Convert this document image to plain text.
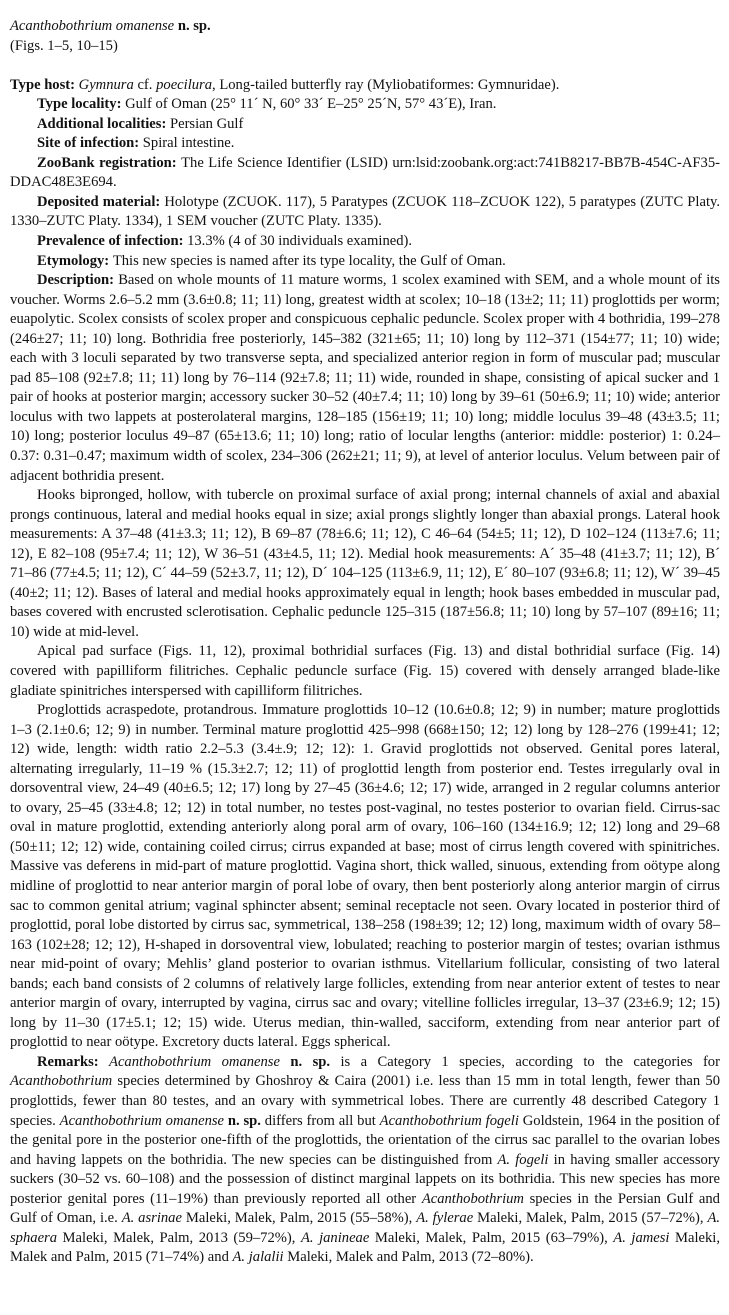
Acanthobothrium omanense n. sp.

(Figs. 1–5, 10–15)

Type host: Gymnura cf. poecilura, Long-tailed butterfly ray (Myliobatiformes: Gymnuridae).

Type locality: Gulf of Oman (25° 11´ N, 60° 33´ E–25° 25´N, 57° 43´E), Iran.

Additional localities: Persian Gulf

Site of infection: Spiral intestine.

ZooBank registration: The Life Science Identifier (LSID) urn:lsid:zoobank.org:act:741B8217-BB7B-454C-AF35-DDAC48E3E694.

Deposited material: Holotype (ZCUOK. 117), 5 Paratypes (ZCUOK 118–ZCUOK 122), 5 paratypes (ZUTC Platy. 1330–ZUTC Platy. 1334), 1 SEM voucher (ZUTC Platy. 1335).

Prevalence of infection: 13.3% (4 of 30 individuals examined).

Etymology: This new species is named after its type locality, the Gulf of Oman.

Description: Based on whole mounts of 11 mature worms, 1 scolex examined with SEM, and a whole mount of its voucher. Worms 2.6–5.2 mm (3.6±0.8; 11; 11) long, greatest width at scolex; 10–18 (13±2; 11; 11) proglottids per worm; euapolytic. Scolex consists of scolex proper and conspicuous cephalic peduncle. Scolex proper with 4 bothridia, 199–278 (246±27; 11; 10) long. Bothridia free posteriorly, 145–382 (321±65; 11; 10) long by 112–371 (154±77; 11; 10) wide; each with 3 loculi separated by two transverse septa, and specialized anterior region in form of muscular pad; muscular pad 85–108 (92±7.8; 11; 11) long by 76–114 (92±7.8; 11; 11) wide, rounded in shape, consisting of apical sucker and 1 pair of hooks at posterior margin; accessory sucker 30–52 (40±7.4; 11; 10) long by 39–61 (50±6.9; 11; 10) wide; anterior loculus with two lappets at posterolateral margins, 128–185 (156±19; 11; 10) long; middle loculus 39–48 (43±3.5; 11; 10) long; posterior loculus 49–87 (65±13.6; 11; 10) long; ratio of locular lengths (anterior: middle: posterior) 1: 0.24–0.37: 0.31–0.47; maximum width of scolex, 234–306 (262±21; 11; 9), at level of anterior loculus. Velum between pair of adjacent bothridia present.

Hooks bipronged, hollow, with tubercle on proximal surface of axial prong; internal channels of axial and abaxial prongs continuous, lateral and medial hooks equal in size; axial prongs slightly longer than abaxial prongs. Lateral hook measurements: A 37–48 (41±3.3; 11; 12), B 69–87 (78±6.6; 11; 12), C 46–64 (54±5; 11; 12), D 102–124 (113±7.6; 11; 12), E 82–108 (95±7.4; 11; 12), W 36–51 (43±4.5, 11; 12). Medial hook measurements: A´ 35–48 (41±3.7; 11; 12), B´ 71–86 (77±4.5; 11; 12), C´ 44–59 (52±3.7, 11; 12), D´ 104–125 (113±6.9, 11; 12), E´ 80–107 (93±6.8; 11; 12), W´ 39–45 (40±2; 11; 12). Bases of lateral and medial hooks approximately equal in length; hook bases embedded in muscular pad, bases covered with encrusted sclerotisation. Cephalic peduncle 125–315 (187±56.8; 11; 10) long by 57–107 (89±16; 11; 10) wide at mid-level.

Apical pad surface (Figs. 11, 12), proximal bothridial surfaces (Fig. 13) and distal bothridial surface (Fig. 14) covered with papilliform filitriches. Cephalic peduncle surface (Fig. 15) covered with densely arranged blade-like gladiate spinitriches interspersed with capilliform filitriches.

Proglottids acraspedote, protandrous. Immature proglottids 10–12 (10.6±0.8; 12; 9) in number; mature proglottids 1–3 (2.1±0.6; 12; 9) in number. Terminal mature proglottid 425–998 (668±150; 12; 12) long by 128–276 (199±41; 12; 12) wide, length: width ratio 2.2–5.3 (3.4±.9; 12; 12): 1. Gravid proglottids not observed. Genital pores lateral, alternating irregularly, 11–19 % (15.3±2.7; 12; 11) of proglottid length from posterior end. Testes irregularly oval in dorsoventral view, 24–49 (40±6.5; 12; 17) long by 27–45 (36±4.6; 12; 17) wide, arranged in 2 regular columns anterior to ovary, 25–45 (33±4.8; 12; 12) in total number, no testes post-vaginal, no testes posterior to ovarian field. Cirrus-sac oval in mature proglottid, extending anteriorly along poral arm of ovary, 106–160 (134±16.9; 12; 12) long and 29–68 (50±11; 12; 12) wide, containing coiled cirrus; cirrus expanded at base; most of cirrus length covered with spinitriches. Massive vas deferens in mid-part of mature proglottid. Vagina short, thick walled, sinuous, extending from oötype along midline of proglottid to near anterior margin of poral lobe of ovary, then bent posteriorly along anterior margin of cirrus sac to common genital atrium; vaginal sphincter absent; seminal receptacle not seen. Ovary located in posterior third of proglottid, poral lobe distorted by cirrus sac, symmetrical, 138–258 (198±39; 12; 12) long, maximum width of ovary 58–163 (102±28; 12; 12), H-shaped in dorsoventral view, lobulated; reaching to posterior margin of testes; ovarian isthmus near mid-point of ovary; Mehlis’ gland posterior to ovarian isthmus. Vitellarium follicular, consisting of two lateral bands; each band consists of 2 columns of relatively large follicles, extending from near anterior extent of testes to near anterior margin of ovary, interrupted by vagina, cirrus sac and ovary; vitelline follicles irregular, 13–37 (23±6.9; 12; 15) long by 11–30 (17±5.1; 12; 15) wide. Uterus median, thin-walled, sacciform, extending from near anterior part of proglottid to near oötype. Excretory ducts lateral. Eggs spherical.

Remarks: Acanthobothrium omanense n. sp. is a Category 1 species, according to the categories for Acanthobothrium species determined by Ghoshroy & Caira (2001) i.e. less than 15 mm in total length, fewer than 50 proglottids, fewer than 80 testes, and an ovary with symmetrical lobes. There are currently 48 described Category 1 species. Acanthobothrium omanense n. sp. differs from all but Acanthobothrium fogeli Goldstein, 1964 in the position of the genital pore in the posterior one-fifth of the proglottids, the orientation of the cirrus sac parallel to the ovarian lobes and having lappets on the bothridia. The new species can be distinguished from A. fogeli in having smaller accessory suckers (30–52 vs. 60–108) and the possession of distinct marginal lappets on its bothridia. This new species has more posterior genital pores (11–19%) than previously reported all other Acanthobothrium species in the Persian Gulf and Gulf of Oman, i.e. A. asrinae Maleki, Malek, Palm, 2015 (55–58%), A. fylerae Maleki, Malek, Palm, 2015 (57–72%), A. sphaera Maleki, Malek, Palm, 2013 (59–72%), A. janineae Maleki, Malek, Palm, 2015 (63–79%), A. jamesi Maleki, Malek and Palm, 2015 (71–74%) and A. jalalii Maleki, Malek and Palm, 2013 (72–80%).
